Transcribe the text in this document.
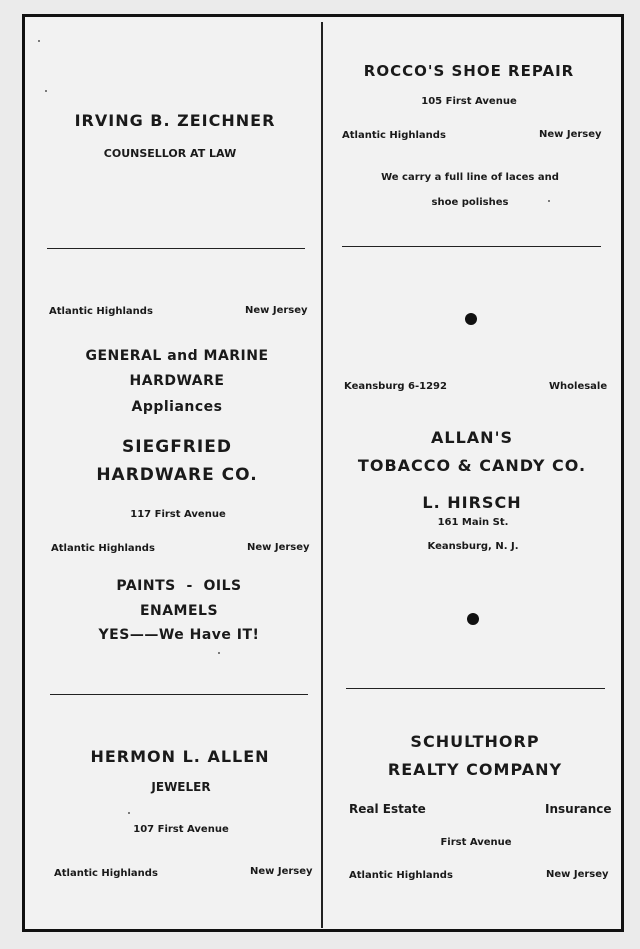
IRVING B. ZEICHNER
COUNSELLOR AT LAW
Atlantic Highlands	New Jersey
GENERAL and MARINE
HARDWARE
Appliances
SIEGFRIED
HARDWARE CO.
117 First Avenue
Atlantic Highlands	New Jersey
PAINTS  -  OILS
ENAMELS
YES——We Have IT!
HERMON L. ALLEN
JEWELER
107 First Avenue
Atlantic Highlands	New Jersey
ROCCO'S SHOE REPAIR
105 First Avenue
Atlantic Highlands	New Jersey
We carry a full line of laces and
shoe polishes
Keansburg 6-1292	Wholesale
ALLAN'S
TOBACCO & CANDY CO.
L. HIRSCH
161 Main St.
Keansburg, N. J.
SCHULTHORP
REALTY COMPANY
Real Estate	Insurance
First Avenue
Atlantic Highlands	New Jersey
